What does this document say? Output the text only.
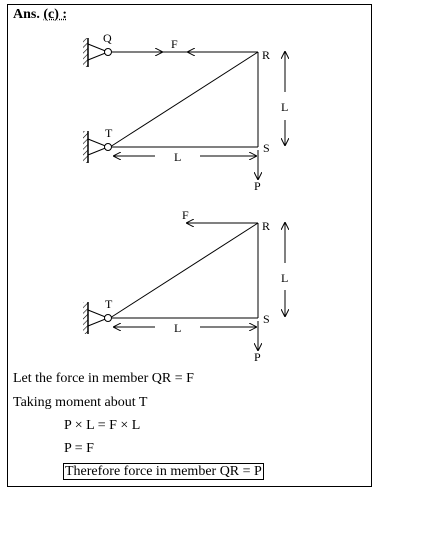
Ans. (c) :
Q	F
R
L
T
S
L
P
F
R
L
T
S
L
P
Let the force in member QR = F
Taking moment about T
P × L = F × L
P = F
Therefore force in member QR = P
